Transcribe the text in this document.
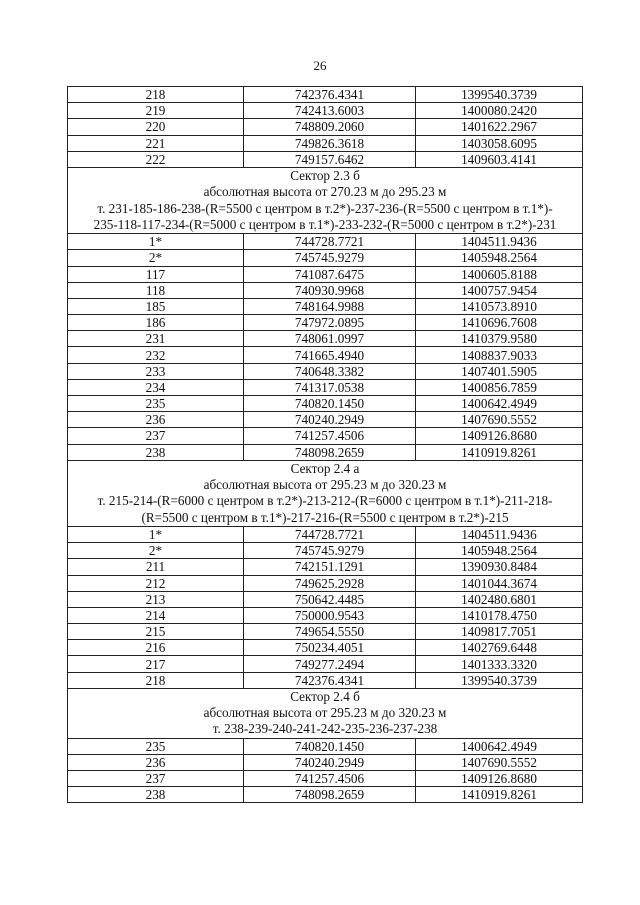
26
218	742376.4341	1399540.3739
219	742413.6003	1400080.2420
220	748809.2060	1401622.2967
221	749826.3618	1403058.6095
222	749157.6462	1409603.4141

Сектор 2.3 б
абсолютная высота от 270.23 м до 295.23 м
т. 231-185-186-238-(R=5500 с центром в т.2*)-237-236-(R=5500 с центром в т.1*)-
235-118-117-234-(R=5000 с центром в т.1*)-233-232-(R=5000 с центром в т.2*)-231		

1*	744728.7721	1404511.9436
2*	745745.9279	1405948.2564
117	741087.6475	1400605.8188
118	740930.9968	1400757.9454
185	748164.9988	1410573.8910
186	747972.0895	1410696.7608
231	748061.0997	1410379.9580
232	741665.4940	1408837.9033
233	740648.3382	1407401.5905
234	741317.0538	1400856.7859
235	740820.1450	1400642.4949
236	740240.2949	1407690.5552
237	741257.4506	1409126.8680
238	748098.2659	1410919.8261

Сектор 2.4 а
абсолютная высота от 295.23 м до 320.23 м
т. 215-214-(R=6000 с центром в т.2*)-213-212-(R=6000 с центром в т.1*)-211-218-
(R=5500 с центром в т.1*)-217-216-(R=5500 с центром в т.2*)-215		

1*	744728.7721	1404511.9436
2*	745745.9279	1405948.2564
211	742151.1291	1390930.8484
212	749625.2928	1401044.3674
213	750642.4485	1402480.6801
214	750000.9543	1410178.4750
215	749654.5550	1409817.7051
216	750234.4051	1402769.6448
217	749277.2494	1401333.3320
218	742376.4341	1399540.3739

Сектор 2.4 б
абсолютная высота от 295.23 м до 320.23 м
т. 238-239-240-241-242-235-236-237-238		

235	740820.1450	1400642.4949
236	740240.2949	1407690.5552
237	741257.4506	1409126.8680
238	748098.2659	1410919.8261
